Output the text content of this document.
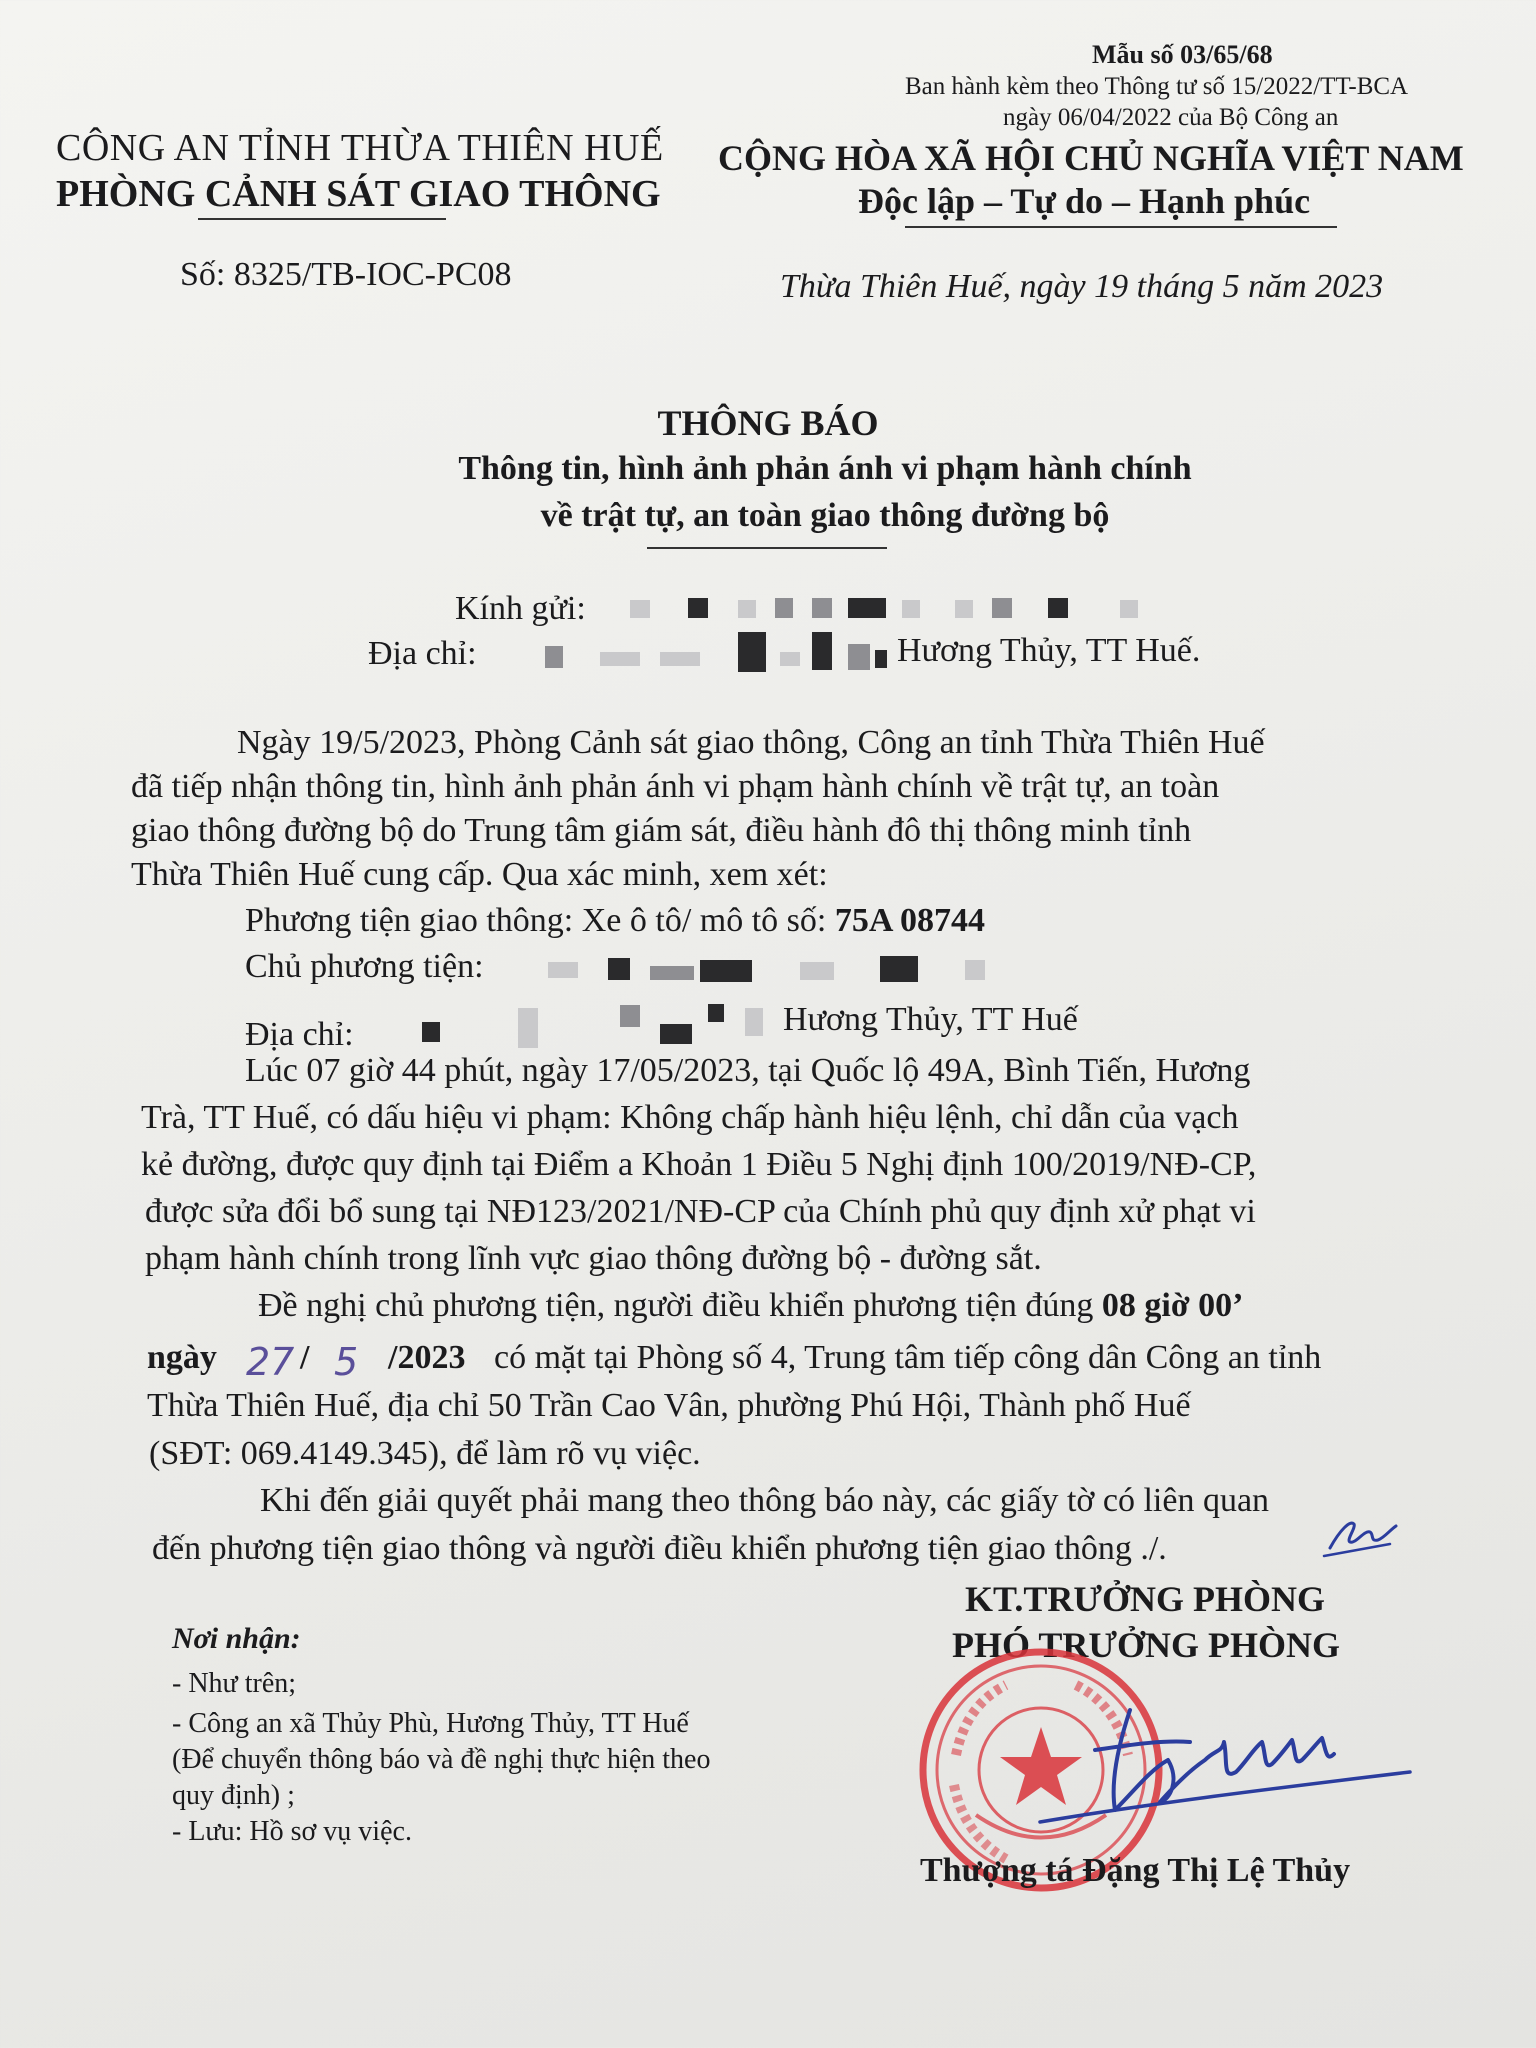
Mẫu số 03/65/68
Ban hành kèm theo Thông tư số 15/2022/TT-BCA
ngày 06/04/2022 của Bộ Công an
CÔNG AN TỈNH THỪA THIÊN HUẾ
PHÒNG CẢNH SÁT GIAO THÔNG
CỘNG HÒA XÃ HỘI CHỦ NGHĨA VIỆT NAM
Độc lập – Tự do – Hạnh phúc
Số: 8325/TB-IOC-PC08	Thừa Thiên Huế, ngày 19 tháng 5 năm 2023
THÔNG BÁO
Thông tin, hình ảnh phản ánh vi phạm hành chính
về trật tự, an toàn giao thông đường bộ
Kính gửi:
Địa chỉ:	Hương Thủy, TT Huế.
Ngày 19/5/2023, Phòng Cảnh sát giao thông, Công an tỉnh Thừa Thiên Huế
đã tiếp nhận thông tin, hình ảnh phản ánh vi phạm hành chính về trật tự, an toàn
giao thông đường bộ do Trung tâm giám sát, điều hành đô thị thông minh tỉnh
Thừa Thiên Huế cung cấp. Qua xác minh, xem xét:
Phương tiện giao thông: Xe ô tô/ mô tô số: 75A 08744
Chủ phương tiện:
Địa chỉ:	Hương Thủy, TT Huế
Lúc 07 giờ 44 phút, ngày 17/05/2023, tại Quốc lộ 49A, Bình Tiến, Hương
Trà, TT Huế, có dấu hiệu vi phạm: Không chấp hành hiệu lệnh, chỉ dẫn của vạch
kẻ đường, được quy định tại Điểm a Khoản 1 Điều 5 Nghị định 100/2019/NĐ-CP,
được sửa đổi bổ sung tại NĐ123/2021/NĐ-CP của Chính phủ quy định xử phạt vi
phạm hành chính trong lĩnh vực giao thông đường bộ - đường sắt.
Đề nghị chủ phương tiện, người điều khiển phương tiện đúng 08 giờ 00’
ngày 27 / 5 /2023 có mặt tại Phòng số 4, Trung tâm tiếp công dân Công an tỉnh
Thừa Thiên Huế, địa chỉ 50 Trần Cao Vân, phường Phú Hội, Thành phố Huế
(SĐT: 069.4149.345), để làm rõ vụ việc.
Khi đến giải quyết phải mang theo thông báo này, các giấy tờ có liên quan
đến phương tiện giao thông và người điều khiển phương tiện giao thông ./.
Nơi nhận:
- Như trên;
- Công an xã Thủy Phù, Hương Thủy, TT Huế
(Để chuyển thông báo và đề nghị thực hiện theo
quy định) ;
- Lưu: Hồ sơ vụ việc.
KT.TRƯỞNG PHÒNG
PHÓ TRƯỞNG PHÒNG
Thượng tá Đặng Thị Lệ Thủy
